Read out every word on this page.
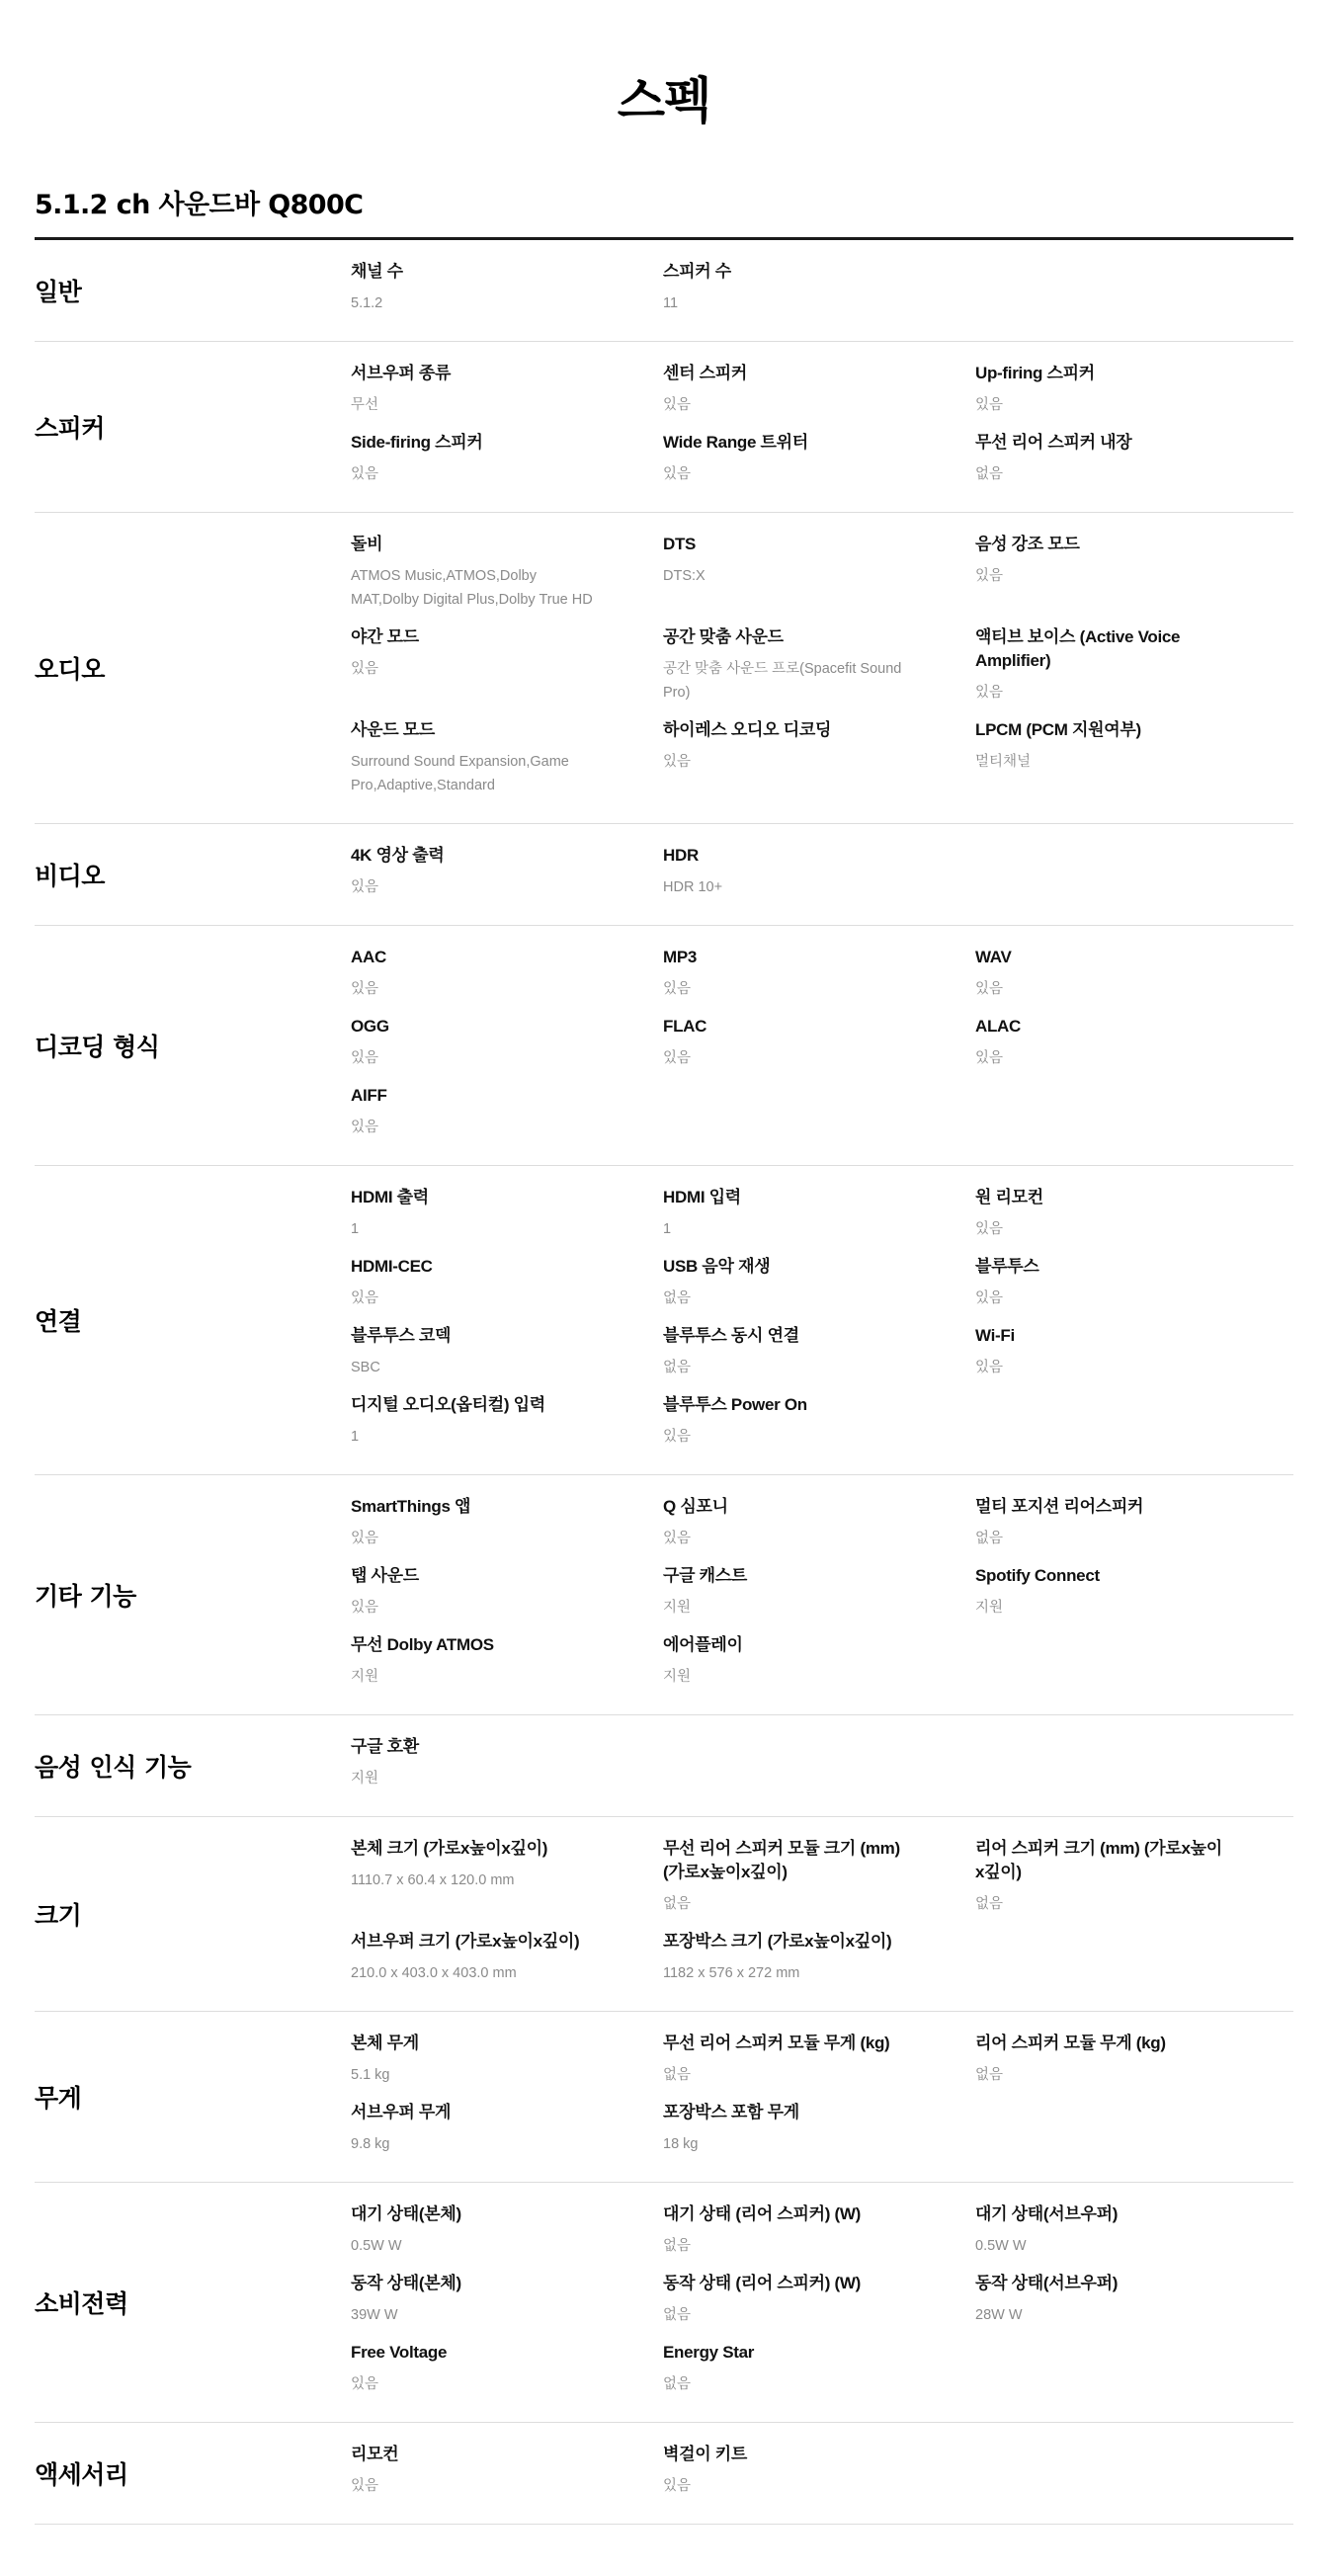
스펙
5.1.2 ch 사운드바 Q800C
일반
채널 수
5.1.2
스피커 수
11
스피커
서브우퍼 종류
무선
센터 스피커
있음
Up-firing 스피커
있음
Side-firing 스피커
있음
Wide Range 트위터
있음
무선 리어 스피커 내장
없음
오디오
돌비
ATMOS Music,ATMOS,Dolby MAT,Dolby Digital Plus,Dolby True HD
DTS
DTS:X
음성 강조 모드
있음
야간 모드
있음
공간 맞춤 사운드
공간 맞춤 사운드 프로(Spacefit Sound Pro)
액티브 보이스 (Active Voice Amplifier)
있음
사운드 모드
Surround Sound Expansion,Game Pro,Adaptive,Standard
하이레스 오디오 디코딩
있음
LPCM (PCM 지원여부)
멀티채널
비디오
4K 영상 출력
있음
HDR
HDR 10+
디코딩 형식
AAC
있음
MP3
있음
WAV
있음
OGG
있음
FLAC
있음
ALAC
있음
AIFF
있음
연결
HDMI 출력
1
HDMI 입력
1
원 리모컨
있음
HDMI-CEC
있음
USB 음악 재생
없음
블루투스
있음
블루투스 코덱
SBC
블루투스 동시 연결
없음
Wi-Fi
있음
디지털 오디오(옵티컬) 입력
1
블루투스 Power On
있음
기타 기능
SmartThings 앱
있음
Q 심포니
있음
멀티 포지션 리어스피커
없음
탭 사운드
있음
구글 캐스트
지원
Spotify Connect
지원
무선 Dolby ATMOS
지원
에어플레이
지원
음성 인식 기능
구글 호환
지원
크기
본체 크기 (가로x높이x깊이)
1110.7 x 60.4 x 120.0 mm
무선 리어 스피커 모듈 크기 (mm) (가로x높이x깊이)
없음
리어 스피커 크기 (mm) (가로x높이x깊이)
없음
서브우퍼 크기 (가로x높이x깊이)
210.0 x 403.0 x 403.0 mm
포장박스 크기 (가로x높이x깊이)
1182 x 576 x 272 mm
무게
본체 무게
5.1 kg
무선 리어 스피커 모듈 무게 (kg)
없음
리어 스피커 모듈 무게 (kg)
없음
서브우퍼 무게
9.8 kg
포장박스 포함 무게
18 kg
소비전력
대기 상태(본체)
0.5W W
대기 상태 (리어 스피커) (W)
없음
대기 상태(서브우퍼)
0.5W W
동작 상태(본체)
39W W
동작 상태 (리어 스피커) (W)
없음
동작 상태(서브우퍼)
28W W
Free Voltage
있음
Energy Star
없음
액세서리
리모컨
있음
벽걸이 키트
있음
